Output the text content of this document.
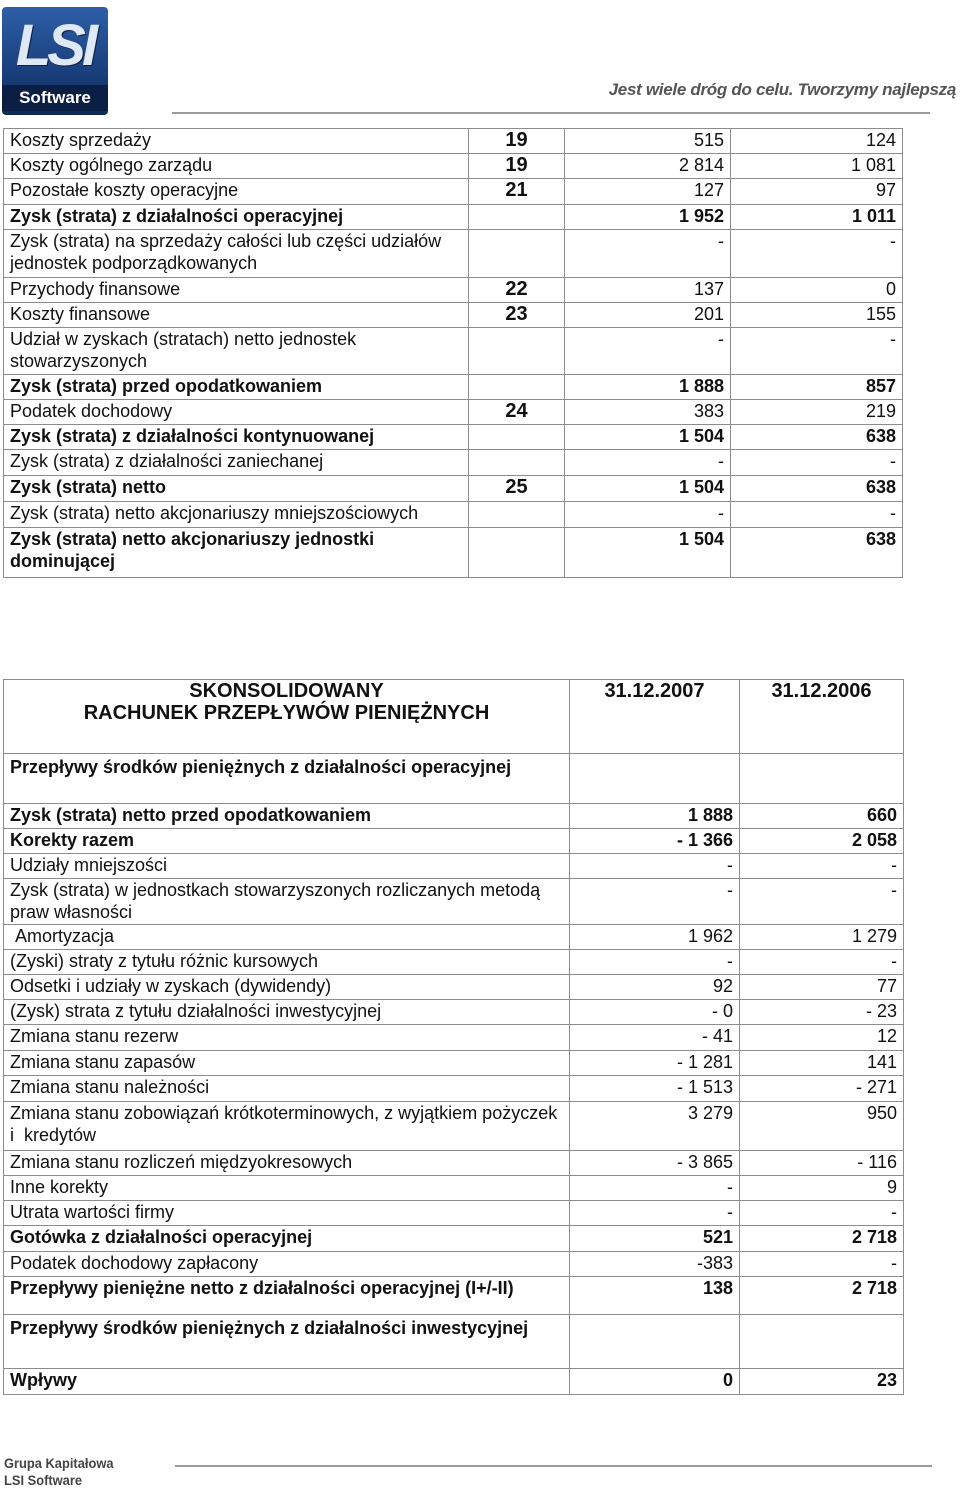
LSI
Software	Jest wiele dróg do celu. Tworzymy najlepszą
Koszty sprzedaży	19	515	124
Koszty ogólnego zarządu	19	2 814	1 081
Pozostałe koszty operacyjne	21	127	97
Zysk (strata) z działalności operacyjnej		1 952	1 011
Zysk (strata) na sprzedaży całości lub części udziałów jednostek podporządkowanych		-	-
Przychody finansowe	22	137	0
Koszty finansowe	23	201	155
Udział w zyskach (stratach) netto jednostek stowarzyszonych		-	-
Zysk (strata) przed opodatkowaniem		1 888	857
Podatek dochodowy	24	383	219
Zysk (strata) z działalności kontynuowanej		1 504	638
Zysk (strata) z działalności zaniechanej		-	-
Zysk (strata) netto	25	1 504	638
Zysk (strata) netto akcjonariuszy mniejszościowych		-	-
Zysk (strata) netto akcjonariuszy jednostki dominującej		1 504	638
SKONSOLIDOWANY
RACHUNEK PRZEPŁYWÓW PIENIĘŻNYCH	31.12.2007	31.12.2006
Przepływy środków pieniężnych z działalności operacyjnej		
Zysk (strata) netto przed opodatkowaniem	1 888	660
Korekty razem	- 1 366	2 058
Udziały mniejszości	-	-
Zysk (strata) w jednostkach stowarzyszonych rozliczanych metodą praw własności	-	-
Amortyzacja	1 962	1 279
(Zyski) straty z tytułu różnic kursowych	-	-
Odsetki i udziały w zyskach (dywidendy)	92	77
(Zysk) strata z tytułu działalności inwestycyjnej	- 0	- 23
Zmiana stanu rezerw	- 41	12
Zmiana stanu zapasów	- 1 281	141
Zmiana stanu należności	- 1 513	- 271
Zmiana stanu zobowiązań krótkoterminowych, z wyjątkiem pożyczek i  kredytów	3 279	950
Zmiana stanu rozliczeń międzyokresowych	- 3 865	- 116
Inne korekty	-	9
Utrata wartości firmy	-	-
Gotówka z działalności operacyjnej	521	2 718
Podatek dochodowy zapłacony	-383	-
Przepływy pieniężne netto z działalności operacyjnej (I+/-II)	138	2 718
Przepływy środków pieniężnych z działalności inwestycyjnej		
Wpływy	0	23
Grupa Kapitałowa
LSI Software
